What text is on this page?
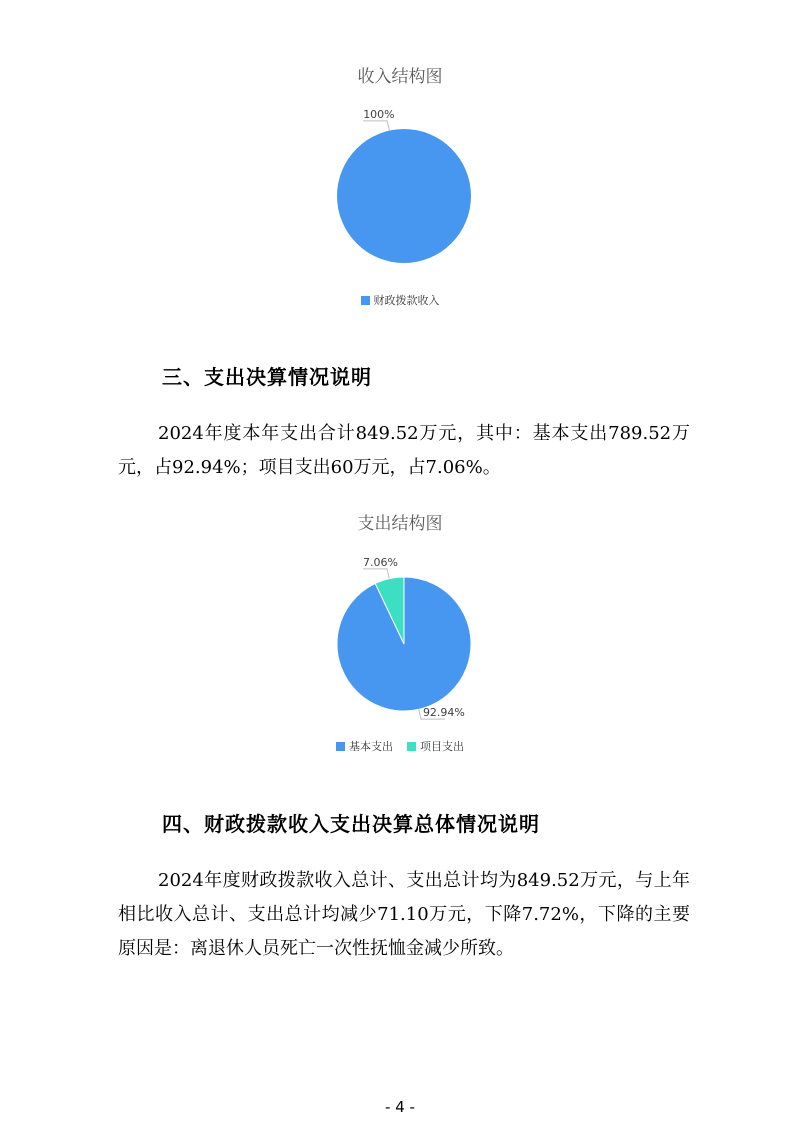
收入结构图
100%
财政拨款收入
三、支出决算情况说明
2024年度本年支出合计849.52万元，其中：基本支出789.52万元，占92.94%；项目支出60万元，占7.06%。
支出结构图
92.94%
7.06%
基本支出 项目支出
四、财政拨款收入支出决算总体情况说明
2024年度财政拨款收入总计、支出总计均为849.52万元，与上年相比收入总计、支出总计均减少71.10万元，下降7.72%，下降的主要原因是：离退休人员死亡一次性抚恤金减少所致。
- 4 -
